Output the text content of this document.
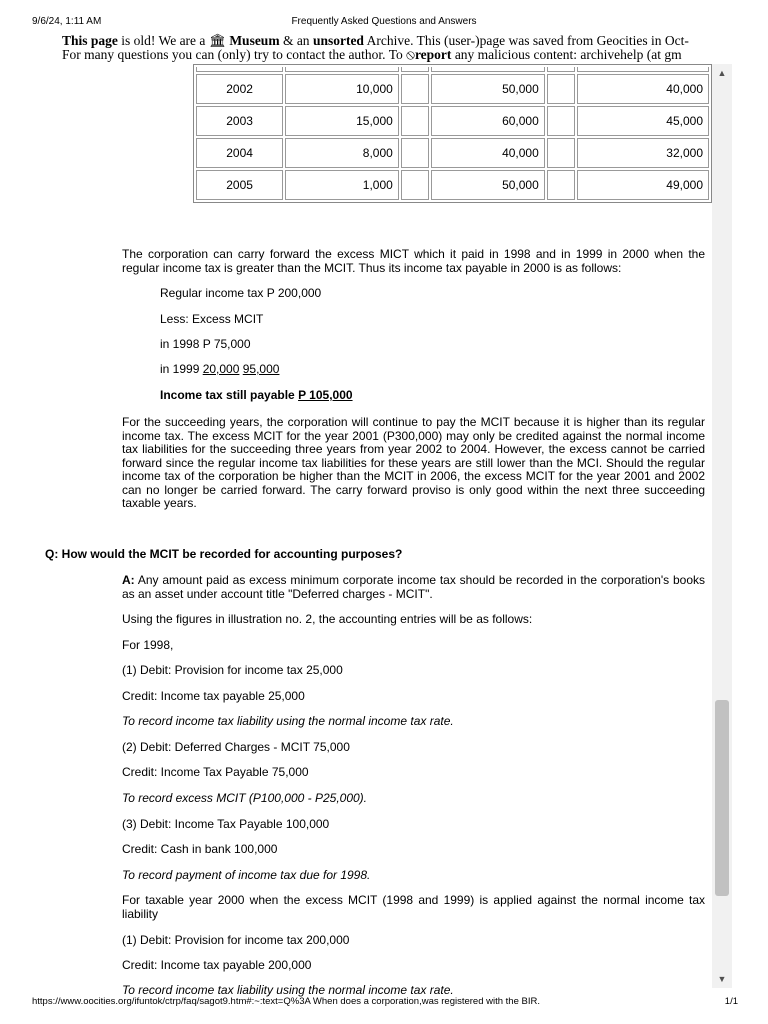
9/6/24, 1:11 AM	Frequently Asked Questions and Answers
This page is old! We are a 🏛 Museum & an unsorted Archive. This (user-)page was saved from Geocities in Oct-
For many questions you can (only) try to contact the author. To ⦸report any malicious content: archivehelp (at gm
▲
▼

2002	10,000		50,000		40,000
2003	15,000		60,000		45,000
2004	8,000		40,000		32,000
2005	1,000		50,000		49,000
The corporation can carry forward the excess MICT which it paid in 1998 and in 1999 in 2000 when the regular income tax is greater than the MCIT. Thus its income tax payable in 2000 is as follows:
Regular income tax P 200,000
Less: Excess MCIT
in 1998 P 75,000
in 1999 20,000 95,000
Income tax still payable P 105,000
For the succeeding years, the corporation will continue to pay the MCIT because it is higher than its regular income tax. The excess MCIT for the year 2001 (P300,000) may only be credited against the normal income tax liabilities for the succeeding three years from year 2002 to 2004. However, the excess cannot be carried forward since the regular income tax liabilities for these years are still lower than the MCI. Should the regular income tax of the corporation be higher than the MCIT in 2006, the excess MCIT for the year 2001 and 2002 can no longer be carried forward. The carry forward proviso is only good within the next three succeeding taxable years.
Q: How would the MCIT be recorded for accounting purposes?
A: Any amount paid as excess minimum corporate income tax should be recorded in the corporation's books as an asset under account title "Deferred charges - MCIT".
Using the figures in illustration no. 2, the accounting entries will be as follows:
For 1998,
(1) Debit: Provision for income tax 25,000
Credit: Income tax payable 25,000
To record income tax liability using the normal income tax rate.
(2) Debit: Deferred Charges - MCIT 75,000
Credit: Income Tax Payable 75,000
To record excess MCIT (P100,000 - P25,000).
(3) Debit: Income Tax Payable 100,000
Credit: Cash in bank 100,000
To record payment of income tax due for 1998.
For taxable year 2000 when the excess MCIT (1998 and 1999) is applied against the normal income tax liability
(1) Debit: Provision for income tax 200,000
Credit: Income tax payable 200,000
To record income tax liability using the normal income tax rate.
https://www.oocities.org/ifuntok/ctrp/faq/sagot9.htm#:~:text=Q%3A When does a corporation,was registered with the BIR.	1/1
